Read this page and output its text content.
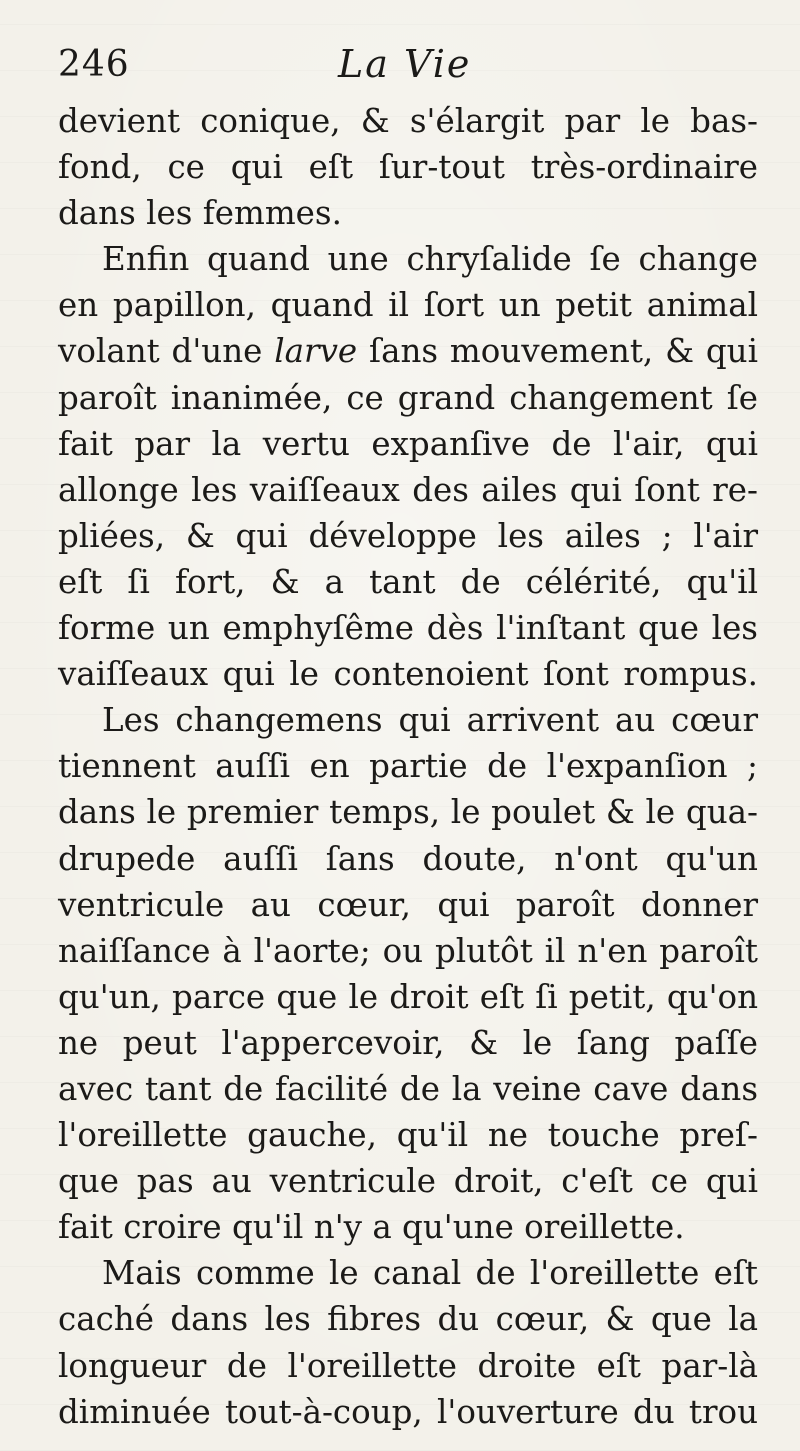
246	La Vie
devient conique, & s'élargit par le bas-
fond, ce qui eſt ſur-tout très-ordinaire
dans les femmes.
Enfin quand une chryſalide ſe change
en papillon, quand il ſort un petit animal
volant d'une larve ſans mouvement, & qui
paroît inanimée, ce grand changement ſe
fait par la vertu expanſive de l'air, qui
allonge les vaiſſeaux des ailes qui ſont re-
pliées, & qui développe les ailes ; l'air
eſt ſi fort, & a tant de célérité, qu'il
forme un emphyſême dès l'inſtant que les
vaiſſeaux qui le contenoient ſont rompus.
Les changemens qui arrivent au cœur
tiennent auſſi en partie de l'expanſion ;
dans le premier temps, le poulet & le qua-
drupede auſſi ſans doute, n'ont qu'un
ventricule au cœur, qui paroît donner
naiſſance à l'aorte; ou plutôt il n'en paroît
qu'un, parce que le droit eſt ſi petit, qu'on
ne peut l'appercevoir, & le ſang paſſe
avec tant de facilité de la veine cave dans
l'oreillette gauche, qu'il ne touche preſ-
que pas au ventricule droit, c'eſt ce qui
fait croire qu'il n'y a qu'une oreillette.
Mais comme le canal de l'oreillette eſt
caché dans les fibres du cœur, & que la
longueur de l'oreillette droite eſt par-là
diminuée tout-à-coup, l'ouverture du trou
